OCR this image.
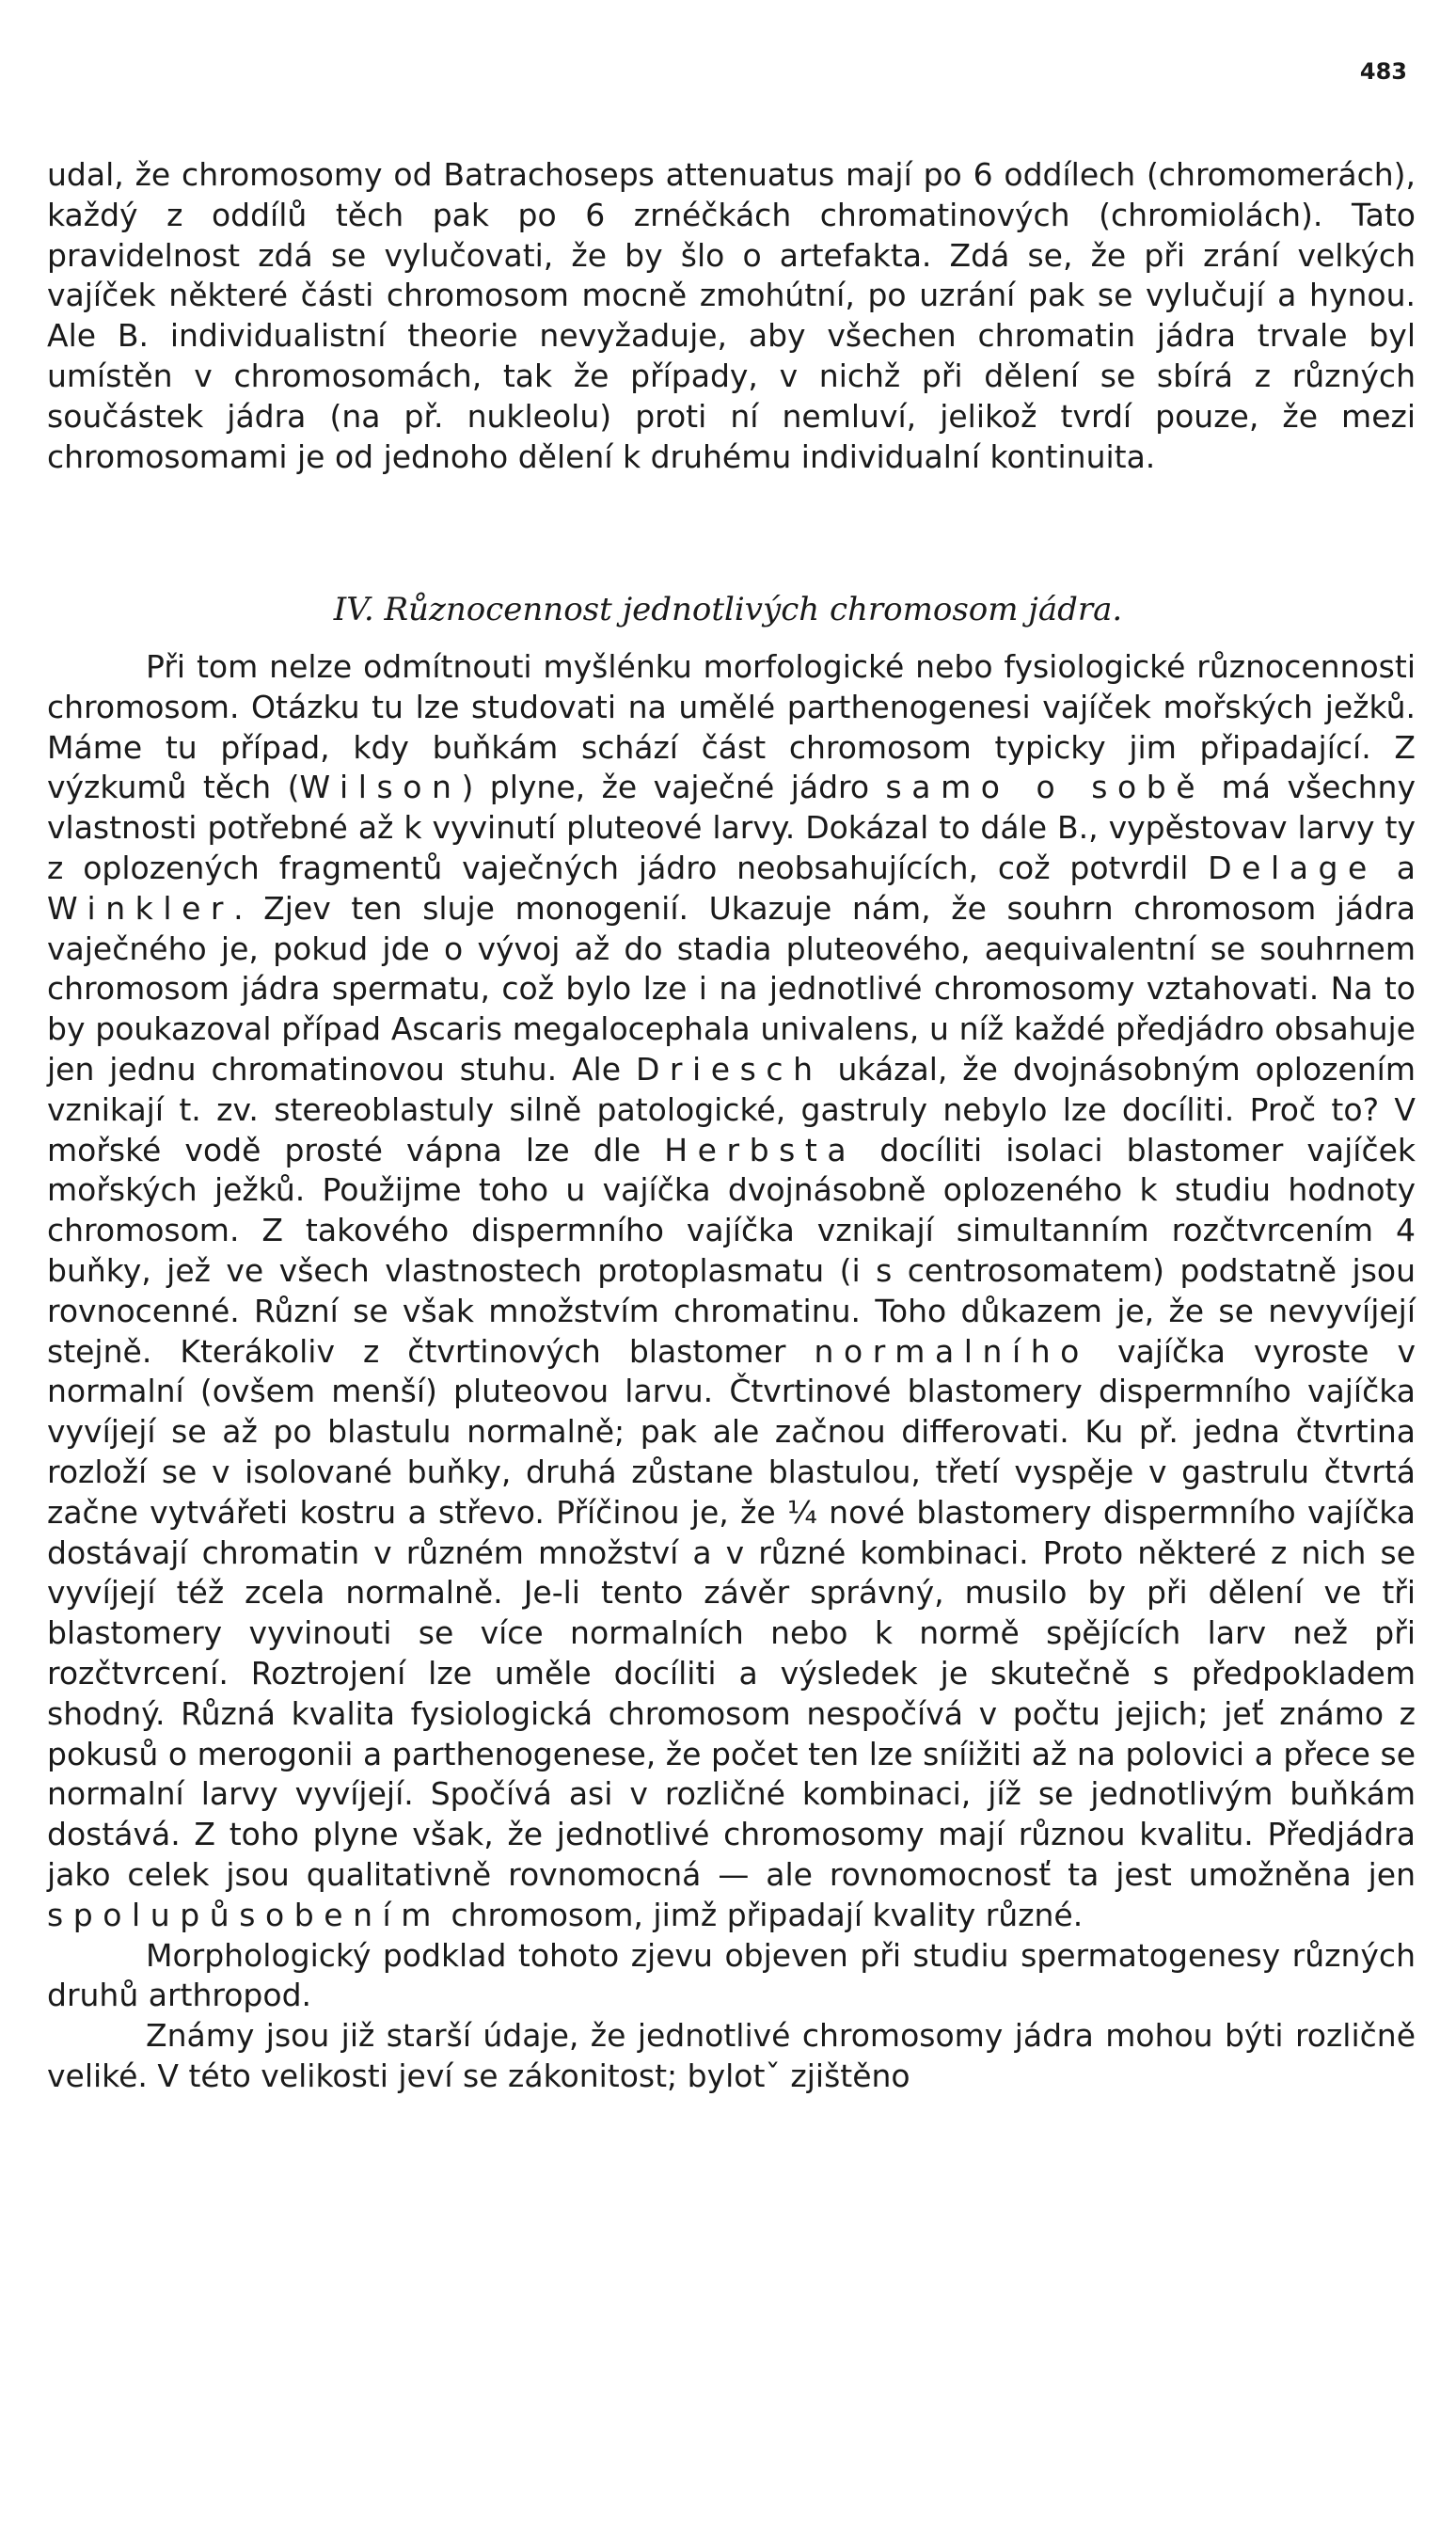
483

udal, že chromosomy od Batrachoseps attenuatus mají po 6 oddílech (chromomerách), každý z oddílů těch pak po 6 zrnéčkách chromatinových (chromiolách). Tato pravidelnost zdá se vylučovati, že by šlo o artefakta. Zdá se, že při zrání velkých vajíček některé části chromosom mocně zmohútní, po uzrání pak se vylučují a hynou. Ale B. individualistní theorie nevyžaduje, aby všechen chromatin jádra trvale byl umístěn v chromosomách, tak že případy, v nichž při dělení se sbírá z různých součástek jádra (na př. nukleolu) proti ní nemluví, jelikož tvrdí pouze, že mezi chromosomami je od jednoho dělení k druhému individualní kontinuita.

IV. Různocennost jednotlivých chromosom jádra.

Při tom nelze odmítnouti myšlénku morfologické nebo fysiologické různocennosti chromosom. Otázku tu lze studovati na umělé parthenogenesi vajíček mořských ježků. Máme tu případ, kdy buňkám schází část chromosom typicky jim připadající. Z výzkumů těch (Wilson) plyne, že vaječné jádro samo o sobě má všechny vlastnosti potřebné až k vyvinutí pluteové larvy. Dokázal to dále B., vypěstovav larvy ty z oplozených fragmentů vaječných jádro neobsahujících, což potvrdil Delage a Winkler. Zjev ten sluje monogenií. Ukazuje nám, že souhrn chromosom jádra vaječného je, pokud jde o vývoj až do stadia pluteového, aequivalentní se souhrnem chromosom jádra spermatu, což bylo lze i na jednotlivé chromosomy vztahovati. Na to by poukazoval případ Ascaris megalocephala univalens, u níž každé předjádro obsahuje jen jednu chromatinovou stuhu. Ale Driesch ukázal, že dvojnásobným oplozením vznikají t. zv. stereoblastuly silně patologické, gastruly nebylo lze docíliti. Proč to? V mořské vodě prosté vápna lze dle Herbsta docíliti isolaci blastomer vajíček mořských ježků. Použijme toho u vajíčka dvojnásobně oplozeného k studiu hodnoty chromosom. Z takového dispermního vajíčka vznikají simultanním rozčtvrcením 4 buňky, jež ve všech vlastnostech protoplasmatu (i s centrosomatem) podstatně jsou rovnocenné. Různí se však množstvím chromatinu. Toho důkazem je, že se nevyvíjejí stejně. Kterákoliv z čtvrtinových blastomer normalního vajíčka vyroste v normalní (ovšem menší) pluteovou larvu. Čtvrtinové blastomery dispermního vajíčka vyvíjejí se až po blastulu normalně; pak ale začnou differovati. Ku př. jedna čtvrtina rozloží se v isolované buňky, druhá zůstane blastulou, třetí vyspěje v gastrulu čtvrtá začne vytvářeti kostru a střevo. Příčinou je, že ¼ nové blastomery dispermního vajíčka dostávají chromatin v různém množství a v různé kombinaci. Proto některé z nich se vyvíjejí též zcela normalně. Je-li tento závěr správný, musilo by při dělení ve tři blastomery vyvinouti se více normalních nebo k normě spějících larv než při rozčtvrcení. Roztrojení lze uměle docíliti a výsledek je skutečně s předpokladem shodný. Různá kvalita fysiologická chromosom nespočívá v počtu jejich; jeť známo z pokusů o merogonii a parthenogenese, že počet ten lze sníižiti až na polovici a přece se normalní larvy vyvíjejí. Spočívá asi v rozličné kombinaci, jíž se jednotlivým buňkám dostává. Z toho plyne však, že jednotlivé chromosomy mají různou kvalitu. Předjádra jako celek jsou qualitativně rovnomocná — ale rovnomocnosť ta jest umožněna jen spolupůsobením chromosom, jimž připadají kvality různé.

Morphologický podklad tohoto zjevu objeven při studiu spermatogenesy různých druhů arthropod.

Známy jsou již starší údaje, že jednotlivé chromosomy jádra mohou býti rozličně veliké. V této velikosti jeví se zákonitost; bylotˇ zjištěno
